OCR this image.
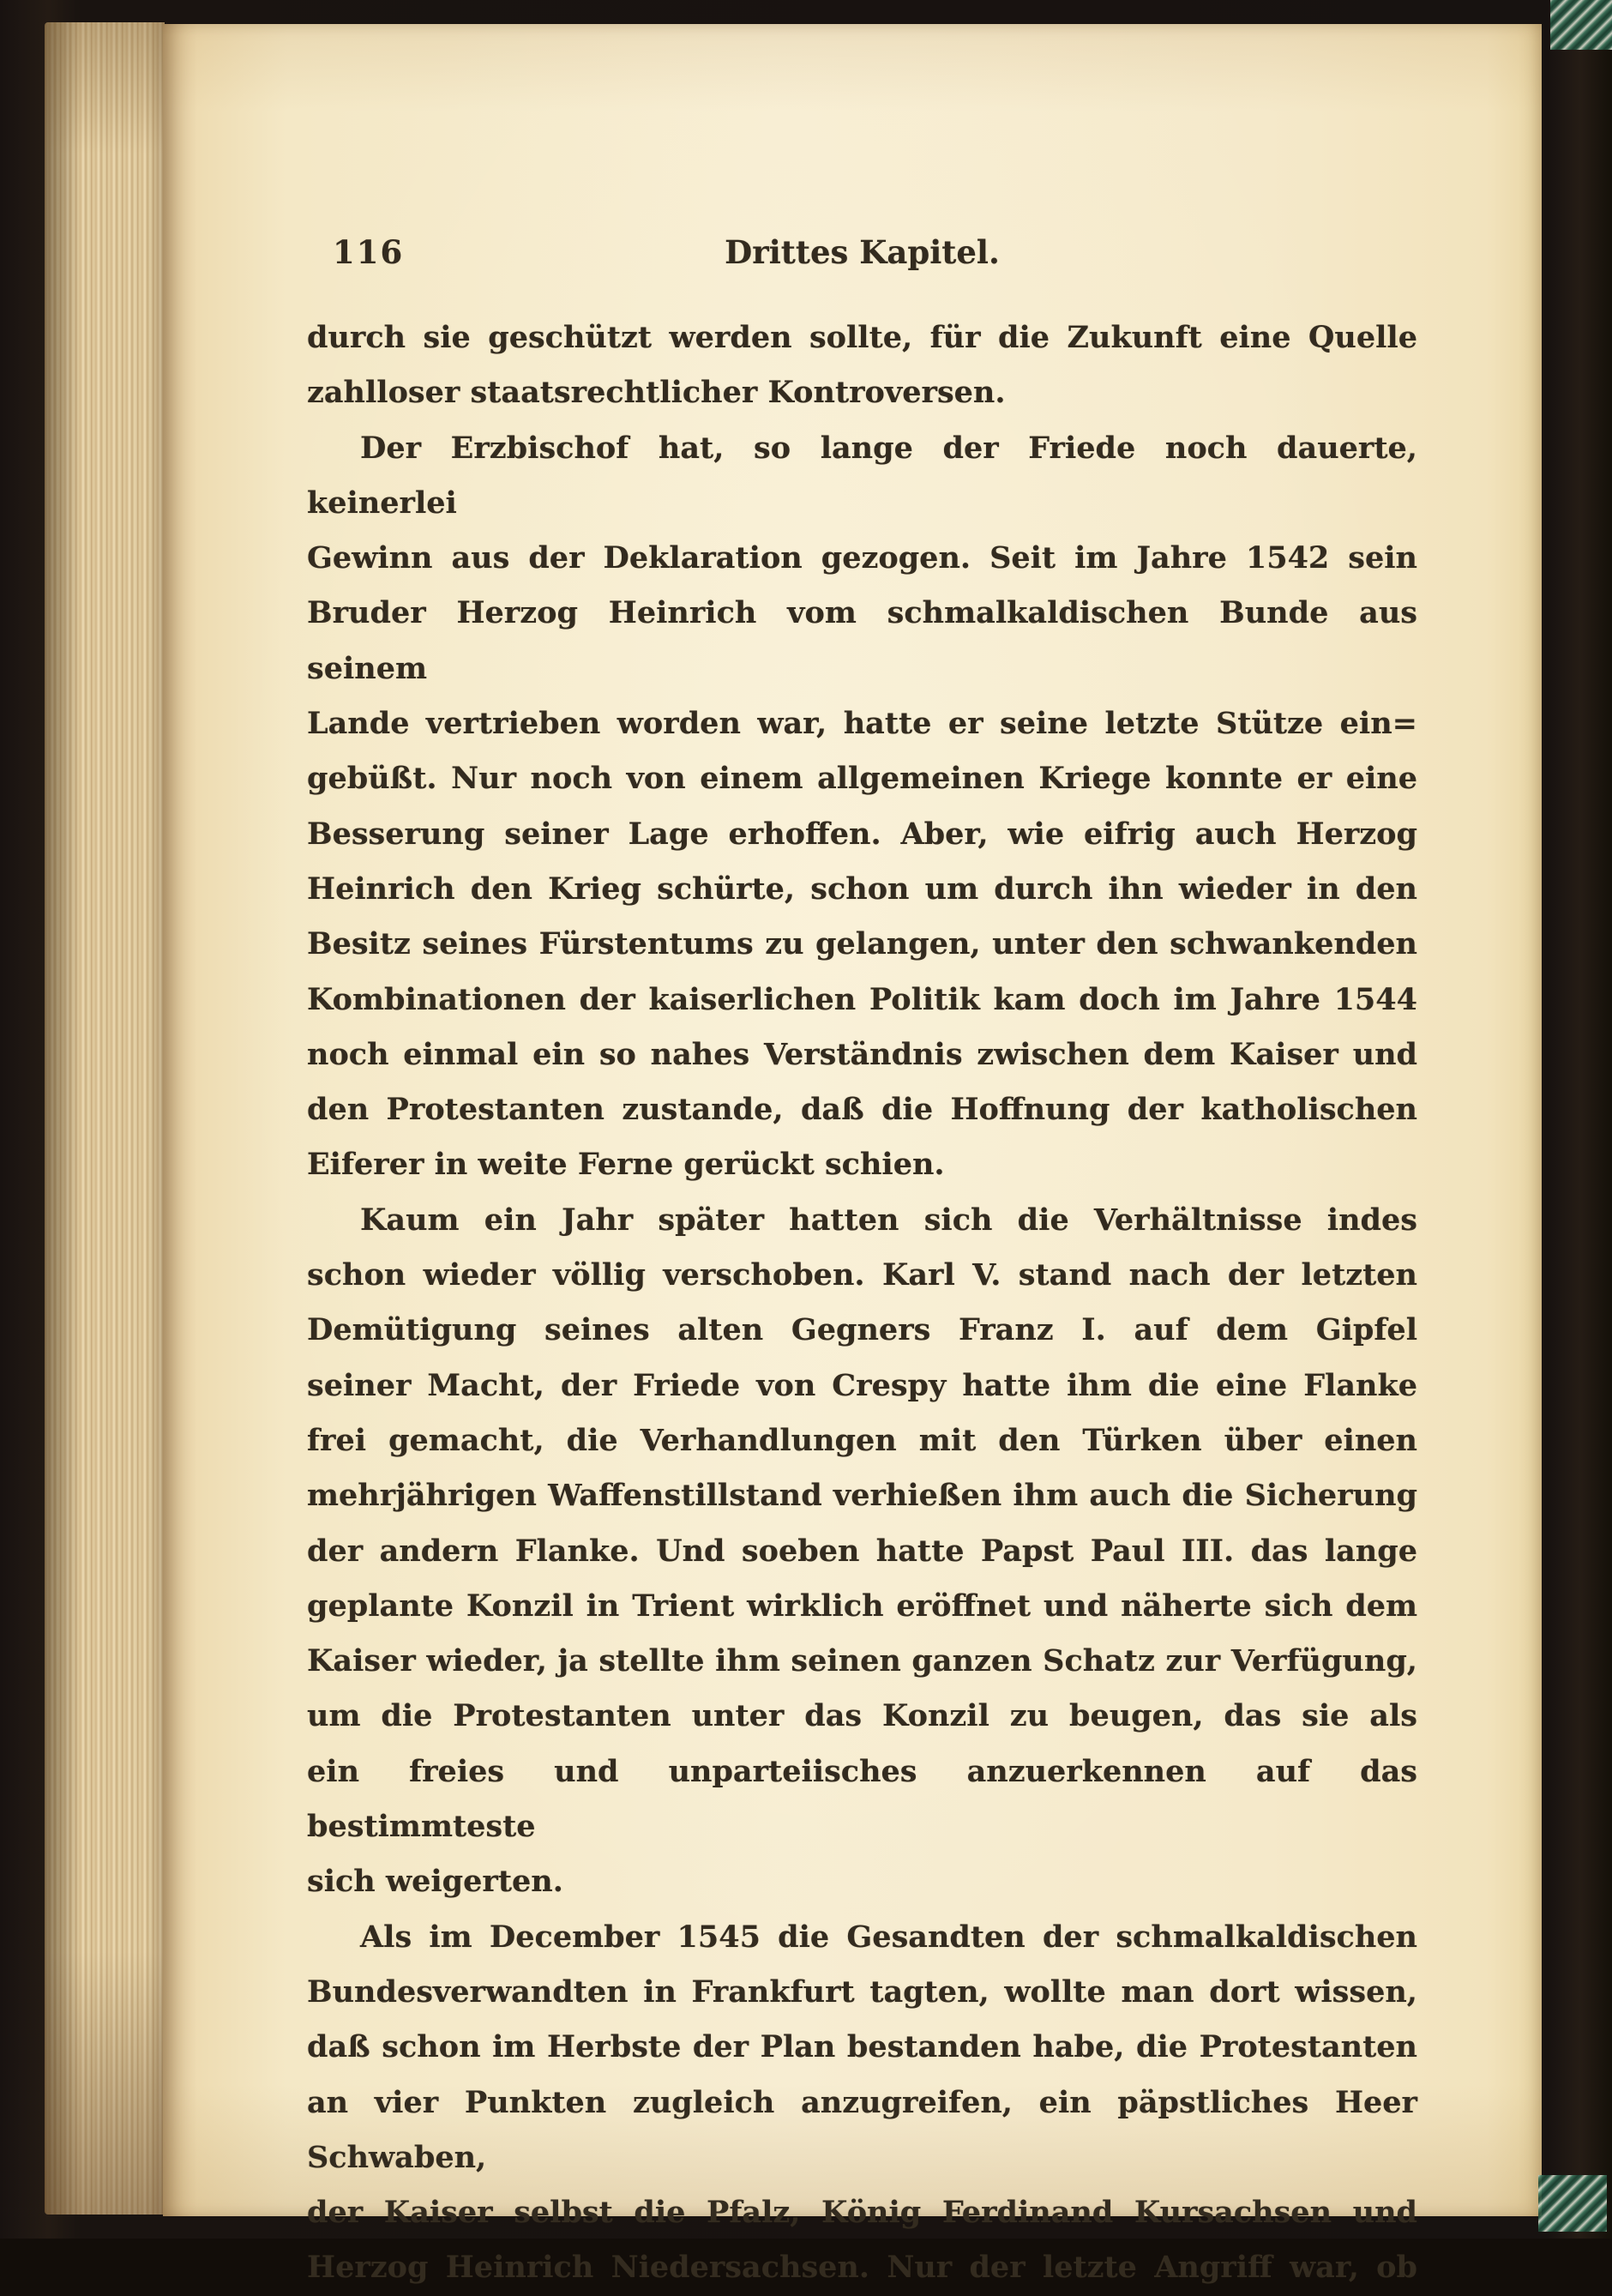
116	Drittes Kapitel.
durch sie geschützt werden sollte, für die Zukunft eine Quelle
zahlloser staatsrechtlicher Kontroversen.
Der Erzbischof hat, so lange der Friede noch dauerte, keinerlei
Gewinn aus der Deklaration gezogen. Seit im Jahre 1542 sein
Bruder Herzog Heinrich vom schmalkaldischen Bunde aus seinem
Lande vertrieben worden war, hatte er seine letzte Stütze ein=
gebüßt. Nur noch von einem allgemeinen Kriege konnte er eine
Besserung seiner Lage erhoffen. Aber, wie eifrig auch Herzog
Heinrich den Krieg schürte, schon um durch ihn wieder in den
Besitz seines Fürstentums zu gelangen, unter den schwankenden
Kombinationen der kaiserlichen Politik kam doch im Jahre 1544
noch einmal ein so nahes Verständnis zwischen dem Kaiser und
den Protestanten zustande, daß die Hoffnung der katholischen
Eiferer in weite Ferne gerückt schien.
Kaum ein Jahr später hatten sich die Verhältnisse indes
schon wieder völlig verschoben. Karl V. stand nach der letzten
Demütigung seines alten Gegners Franz I. auf dem Gipfel
seiner Macht, der Friede von Crespy hatte ihm die eine Flanke
frei gemacht, die Verhandlungen mit den Türken über einen
mehrjährigen Waffenstillstand verhießen ihm auch die Sicherung
der andern Flanke. Und soeben hatte Papst Paul III. das lange
geplante Konzil in Trient wirklich eröffnet und näherte sich dem
Kaiser wieder, ja stellte ihm seinen ganzen Schatz zur Verfügung,
um die Protestanten unter das Konzil zu beugen, das sie als
ein freies und unparteiisches anzuerkennen auf das bestimmteste
sich weigerten.
Als im December 1545 die Gesandten der schmalkaldischen
Bundesverwandten in Frankfurt tagten, wollte man dort wissen,
daß schon im Herbste der Plan bestanden habe, die Protestanten
an vier Punkten zugleich anzugreifen, ein päpstliches Heer Schwaben,
der Kaiser selbst die Pfalz, König Ferdinand Kursachsen und
Herzog Heinrich Niedersachsen. Nur der letzte Angriff war, ob
